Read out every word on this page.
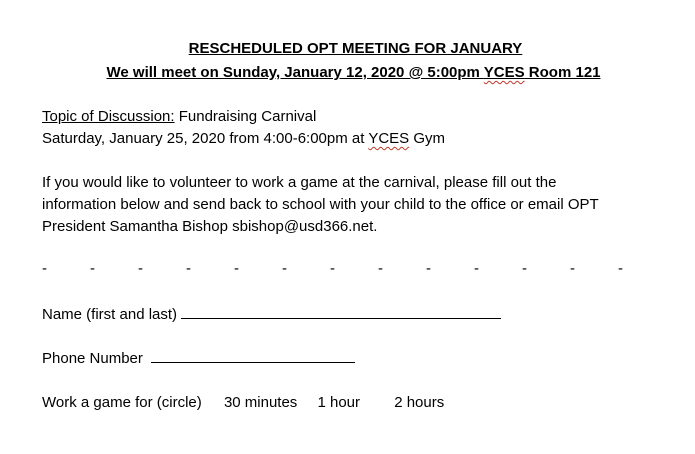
RESCHEDULED OPT MEETING FOR JANUARY
We will meet on Sunday, January 12, 2020 @ 5:00pm YCES Room 121
Topic of Discussion: Fundraising Carnival
Saturday, January 25, 2020 from 4:00-6:00pm at YCES Gym
If you would like to volunteer to work a game at the carnival, please fill out the
information below and send back to school with your child to the office or email OPT
President Samantha Bishop sbishop@usd366.net.
-	-	-	-	-	-	-	-	-	-	-	-	-
Name (first and last)
Phone Number
Work a game for (circle) 30 minutes 1 hour 2 hours
